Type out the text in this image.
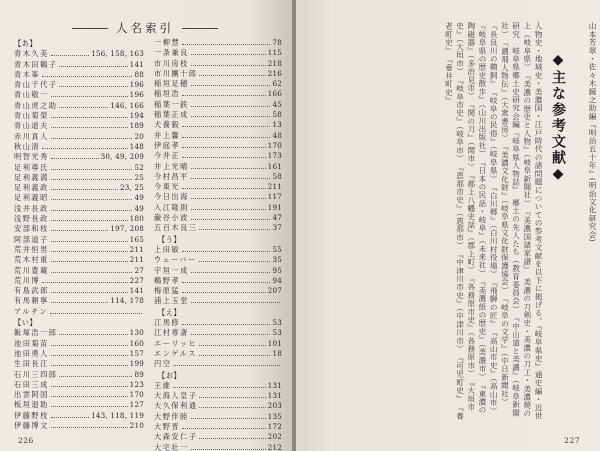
人名索引
【あ】
青木久美	156, 158, 163
青木田鶴子	141
青木峯	88
青山千代子	196
青山敬一	196
青山虎之助	146, 166
青山菊榮	194
青山道夫	189
赤川真人	20
秋山清	148
明智光秀	30, 49, 209
足利尊氏	52
足利義満	25
足利義政	23, 25
足利義昭	49
浅井長政	49
浅野長政	180
安部和枝	197, 208
阿部道子	165
荒井恒男	211
荒木村重	211
荒川豊蔵	27
荒川博	227
有島武郎	141
有馬頼寧	114, 178
アルチン
【い】
飯塚浩一郎	130
池田菊苗	160
池田勇人	157
生田長江	199
石川三四郎	89
石田三成	123
出雲阿国	170
板垣退助	127
伊藤野枝	143, 118, 119
伊藤博文	210
一柳慧	78
一条兼良	115
市川房枝	218
市川團十郎	216
稲垣足穂	62
稲垣浩	166
稲葉一鉄	45
稲葉正成	58
犬養毅	13
井上馨	48
伊庭孝	170
今井正	173
井上光晴	161
今村昌平	58
今東光	211
今日出海	117
入江隆則	191
巌谷小波	47
五百木良三	37
【う】
上田敏	55
ウェーバー	35
宇垣一成	95
鵜野孝	94
梅原猛	207
浦上玉堂
【え】
江馬修	53
江村専斎	53
エーリッヒ	101
エンゲルス	18
円空
【お】
王維	131
大海人皇子	131
大久保利通	203
大野伴睦	135
大野晋	172
大森安仁子	202
大宅壮一	212
226
人物史・地域史・美濃国・江戸時代の諸問題についての参考文献を以下に掲げる。『岐阜県史』通史編・近世上（岐阜県）　『美濃の歴史と人物』（岐阜新聞社）　『美濃国諸家譜』　美濃の刀剣史・美濃の刀工・美濃焼の研究　岐阜県郷土史研究会編『岐阜県人物誌』　郷土の先人たち（教育委員会）　『中山道と美濃』（岐阜新聞社）　『濃飛人物伝』（大衆書房）　『美濃文化財』（岐阜県文化財保護協会）　『岐阜の文学』（中日新聞社）　『長良川の鵜飼』　『岐阜の民俗』（岐阜県）　『白川郷』（白川村役場）　『飛騨の匠』　『高山市史』（高山市）　『岐阜県の歴史散歩』（山川出版社）　『日本の民話・岐阜』（未来社）　『美濃紙の歴史』（美濃市）　『東濃の陶磁器』（多治見市）　『関の刀』（関市）　『郡上八幡史話』（郡上町）　『各務原市史』（各務原市）　『大垣市史』（大垣市）　『岐阜市史』（岐阜市）　『恵那市史』（恵那市）　『中津川市史』（中津川市）　『可児町史』　『養老町史』　『垂井町史』	◆主な参考文献◆	山本芳翠・佐々木鏡之助編『明治五十年』(明治文化研究会)　
227
